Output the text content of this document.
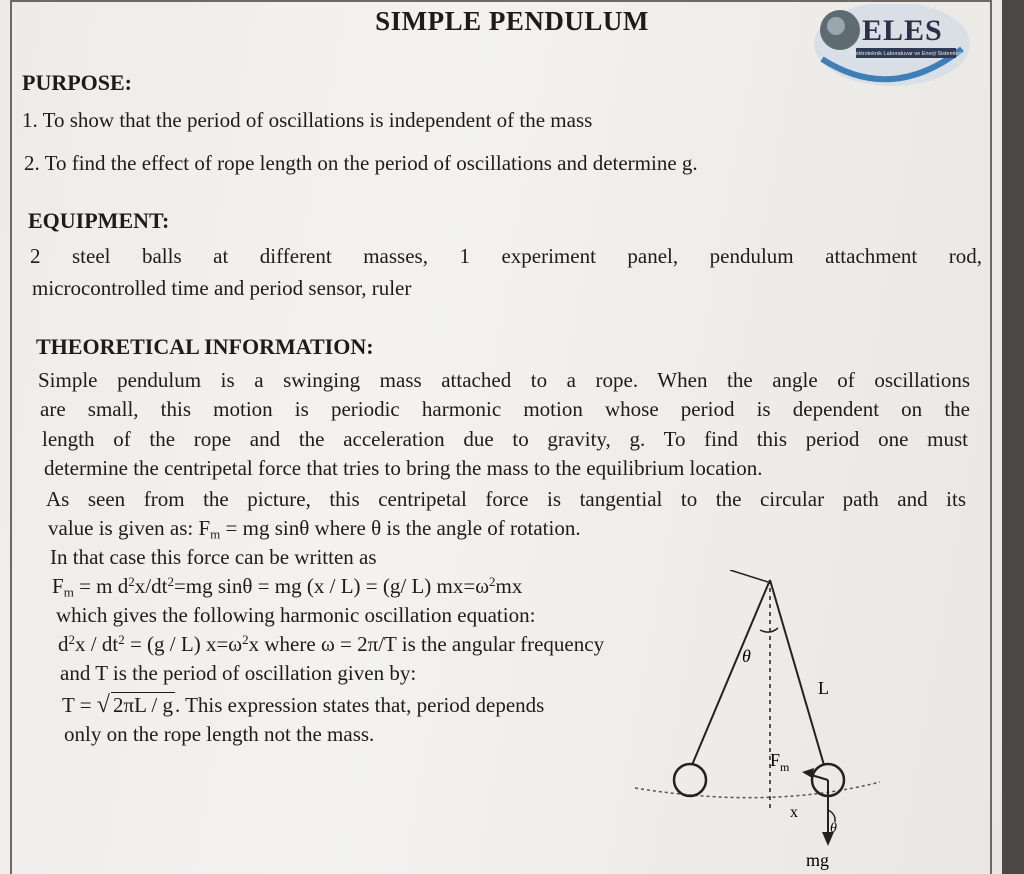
SIMPLE PENDULUM
Elektroteknik Laboratuvar ve Enerji Sistemleri
ELES
PURPOSE:
1. To show that the period of oscillations is independent of the mass
2. To find the effect of rope length on the period of oscillations and determine g.
EQUIPMENT:
2 steel balls at different masses, 1 experiment panel, pendulum attachment rod,
microcontrolled time and period sensor, ruler
THEORETICAL INFORMATION:
Simple pendulum is a swinging mass attached to a rope. When the angle of oscillations
are small, this motion is periodic harmonic motion whose period is dependent on the
length of the rope and the acceleration due to gravity, g. To find this period one must
determine the centripetal force that tries to bring the mass to the equilibrium location.
As seen from the picture, this centripetal force is tangential to the circular path and its
value is given as: $F_m$ = mg sinθ where θ is the angle of rotation.
In that case this force can be written as
$F_m = m$ $d^2x/dt^2=mg$ sinθ = mg (x / L) = (g/ L) $mx=\omega^2mx$
which gives the following harmonic oscillation equation:
$d^2x / dt^2 = (g / L)$ $x=\omega^2x$ where ω = 2π/T is the angular frequency
and T is the period of oscillation given by:
T = √ 2πL / g. This expression states that, period depends
only on the rope length not the mass.
θ
L
$F_m$
x
θ
mg
